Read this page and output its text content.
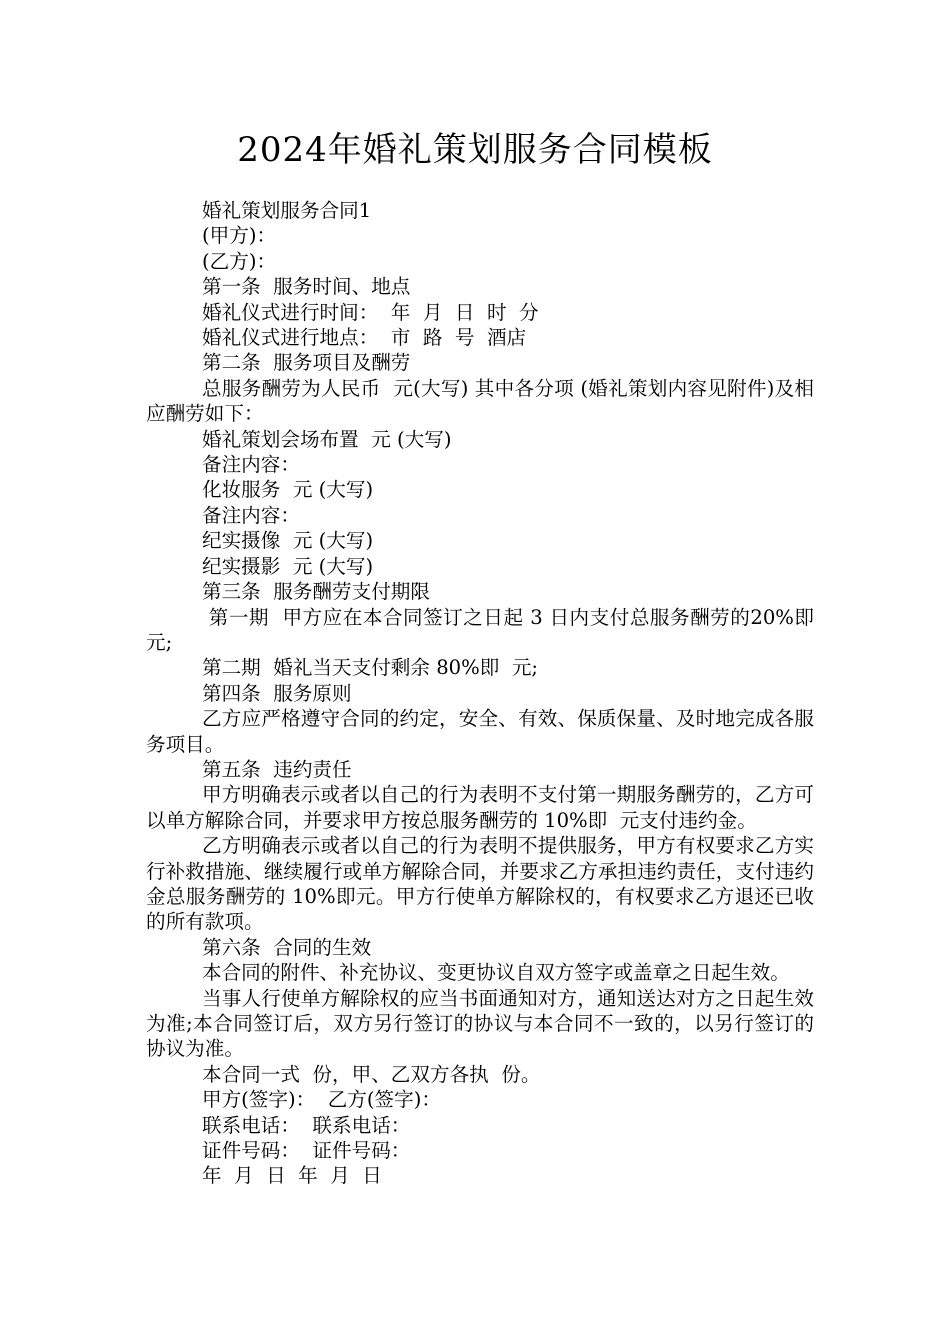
2024年婚礼策划服务合同模板

婚礼策划服务合同1

(甲方)：

(乙方)：

第一条  服务时间、地点

婚礼仪式进行时间：  年  月  日  时  分

婚礼仪式进行地点：  市  路  号  酒店

第二条  服务项目及酬劳

总服务酬劳为人民币  元(大写) 其中各分项 (婚礼策划内容见附件)及相应酬劳如下：

婚礼策划会场布置  元 (大写)

备注内容：

化妆服务  元 (大写)

备注内容：

纪实摄像  元 (大写)

纪实摄影  元 (大写)

第三条  服务酬劳支付期限

第一期  甲方应在本合同签订之日起 3 日内支付总服务酬劳的20%即  元;

第二期  婚礼当天支付剩余 80%即  元;

第四条  服务原则

乙方应严格遵守合同的约定，安全、有效、保质保量、及时地完成各服务项目。

第五条  违约责任

甲方明确表示或者以自己的行为表明不支付第一期服务酬劳的，乙方可以单方解除合同，并要求甲方按总服务酬劳的 10%即  元支付违约金。

乙方明确表示或者以自己的行为表明不提供服务，甲方有权要求乙方实行补救措施、继续履行或单方解除合同，并要求乙方承担违约责任，支付违约金总服务酬劳的 10%即元。甲方行使单方解除权的，有权要求乙方退还已收的所有款项。

第六条  合同的生效

本合同的附件、补充协议、变更协议自双方签字或盖章之日起生效。

当事人行使单方解除权的应当书面通知对方，通知送达对方之日起生效为准;本合同签订后，双方另行签订的协议与本合同不一致的，以另行签订的协议为准。

本合同一式  份，甲、乙双方各执  份。

甲方(签字)：  乙方(签字)：

联系电话：  联系电话：

证件号码：  证件号码：

年  月  日  年  月  日
